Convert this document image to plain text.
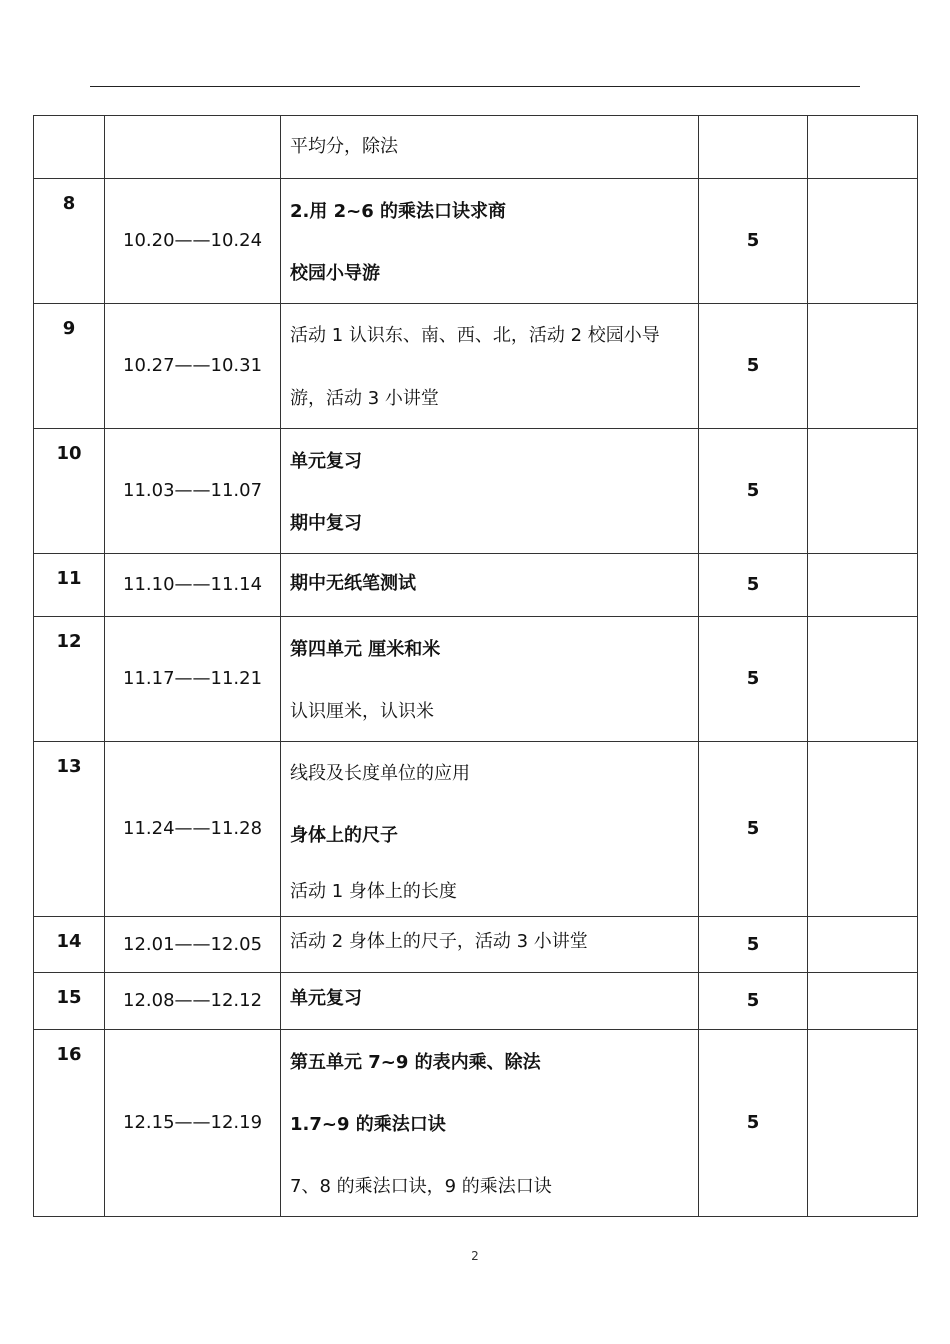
		平均分，除法		

8	10.20——10.24	2.用 2~6 的乘法口诀求商
校园小导游	5	
9	10.27——10.31	活动 1 认识东、南、西、北，活动 2 校园小导
游，活动 3 小讲堂	5	
10	11.03——11.07	单元复习
期中复习	5	
11	11.10——11.14	期中无纸笔测试	5	
12	11.17——11.21	第四单元 厘米和米
认识厘米，认识米	5	
13	11.24——11.28	线段及长度单位的应用
身体上的尺子
活动 1 身体上的长度	5	
14	12.01——12.05	活动 2 身体上的尺子，活动 3 小讲堂	5	
15	12.08——12.12	单元复习	5	
16	12.15——12.19	第五单元 7~9 的表内乘、除法
1.7~9 的乘法口诀
7、8 的乘法口诀，9 的乘法口诀	5	
2
